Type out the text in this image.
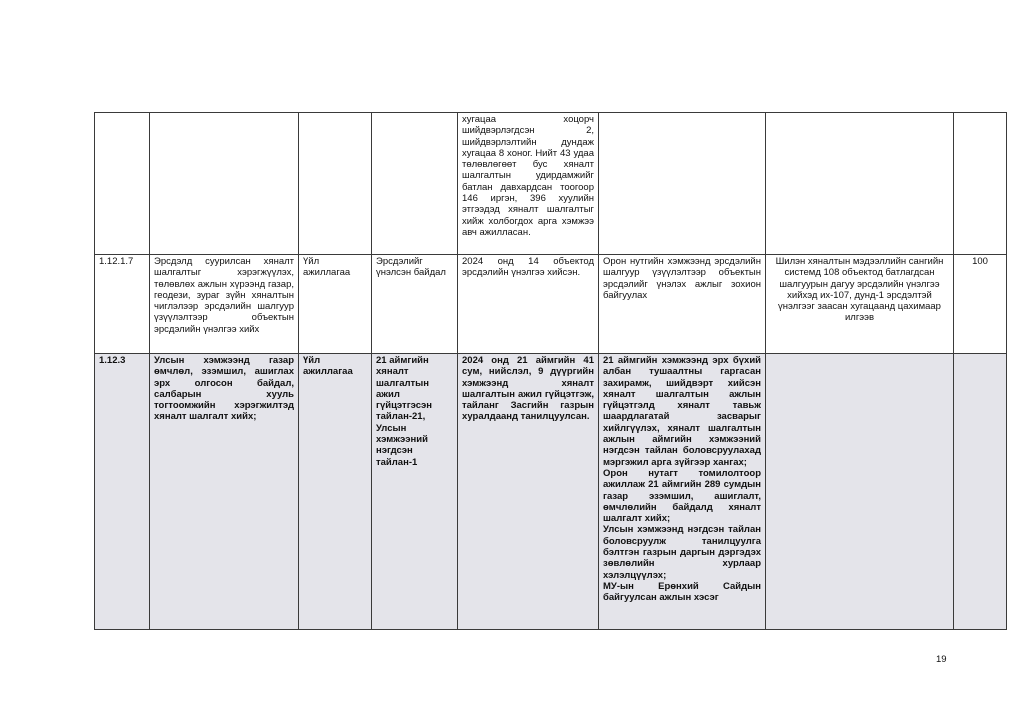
				хугацаа хоцорч шийдвэрлэгдсэн 2, шийдвэрлэлтийн дундаж хугацаа 8 хоног. Нийт 43 удаа төлөвлөгөөт бус хяналт шалгалтын удирдамжийг батлан давхардсан тоогоор 146 иргэн, 396 хуулийн этгээдэд хяналт шалгалтыг хийж холбогдох арга хэмжээ авч ажилласан.			
1.12.1.7	Эрсдэлд суурилсан хяналт шалгалтыг хэрэгжүүлэх, төлөвлөх ажлын хүрээнд газар, геодези, зураг зүйн хяналтын чиглэлээр эрсдэлийн шалгуур үзүүлэлтээр объектын эрсдэлийн үнэлгээ хийх	Үйл ажиллагаа	Эрсдэлийг үнэлсэн байдал	2024 онд 14 объектод эрсдэлийн үнэлгээ хийсэн.	Орон нутгийн хэмжээнд эрсдэлийн шалгуур үзүүлэлтээр объектын эрсдэлийг үнэлэх ажлыг зохион байгуулах	Шилэн хяналтын мэдээллийн сангийн системд 108 объектод батлагдсан шалгуурын дагуу эрсдэлийн үнэлгээ хийхэд их-107, дунд-1 эрсдэлтэй үнэлгээг заасан хугацаанд цахимаар илгээв	100
1.12.3	Улсын хэмжээнд газар өмчлөл, эзэмшил, ашиглах эрх олгосон байдал, салбарын хууль тогтоомжийн хэрэгжилтэд хяналт шалгалт хийх;	Үйл ажиллагаа	21 аймгийн хяналт шалгалтын ажил гүйцэтгэсэн тайлан-21, Улсын хэмжээний нэгдсэн тайлан-1	2024 онд 21 аймгийн 41 сум, нийслэл, 9 дүүргийн хэмжээнд хяналт шалгалтын ажил гүйцэтгэж, тайланг Засгийн газрын хуралдаанд танилцуулсан.	21 аймгийн хэмжээнд эрх бүхий албан тушаалтны гаргасан захирамж, шийдвэрт хийсэн хяналт шалгалтын ажлын гүйцэтгэлд хяналт тавьж шаардлагатай засварыг хийлгүүлэх, хяналт шалгалтын ажлын аймгийн хэмжээний нэгдсэн тайлан боловсруулахад мэргэжил арга зүйгээр хангах;
Орон нутагт томилолтоор ажиллаж 21 аймгийн 289 сумдын газар эзэмшил, ашиглалт, өмчлөлийн байдалд хяналт шалгалт хийх;
Улсын хэмжээнд нэгдсэн тайлан боловсруулж танилцуулга бэлтгэн газрын даргын дэргэдэх зөвлөлийн хурлаар хэлэлцүүлэх;
МУ-ын Ерөнхий Сайдын байгуулсан ажлын хэсэг		

19
